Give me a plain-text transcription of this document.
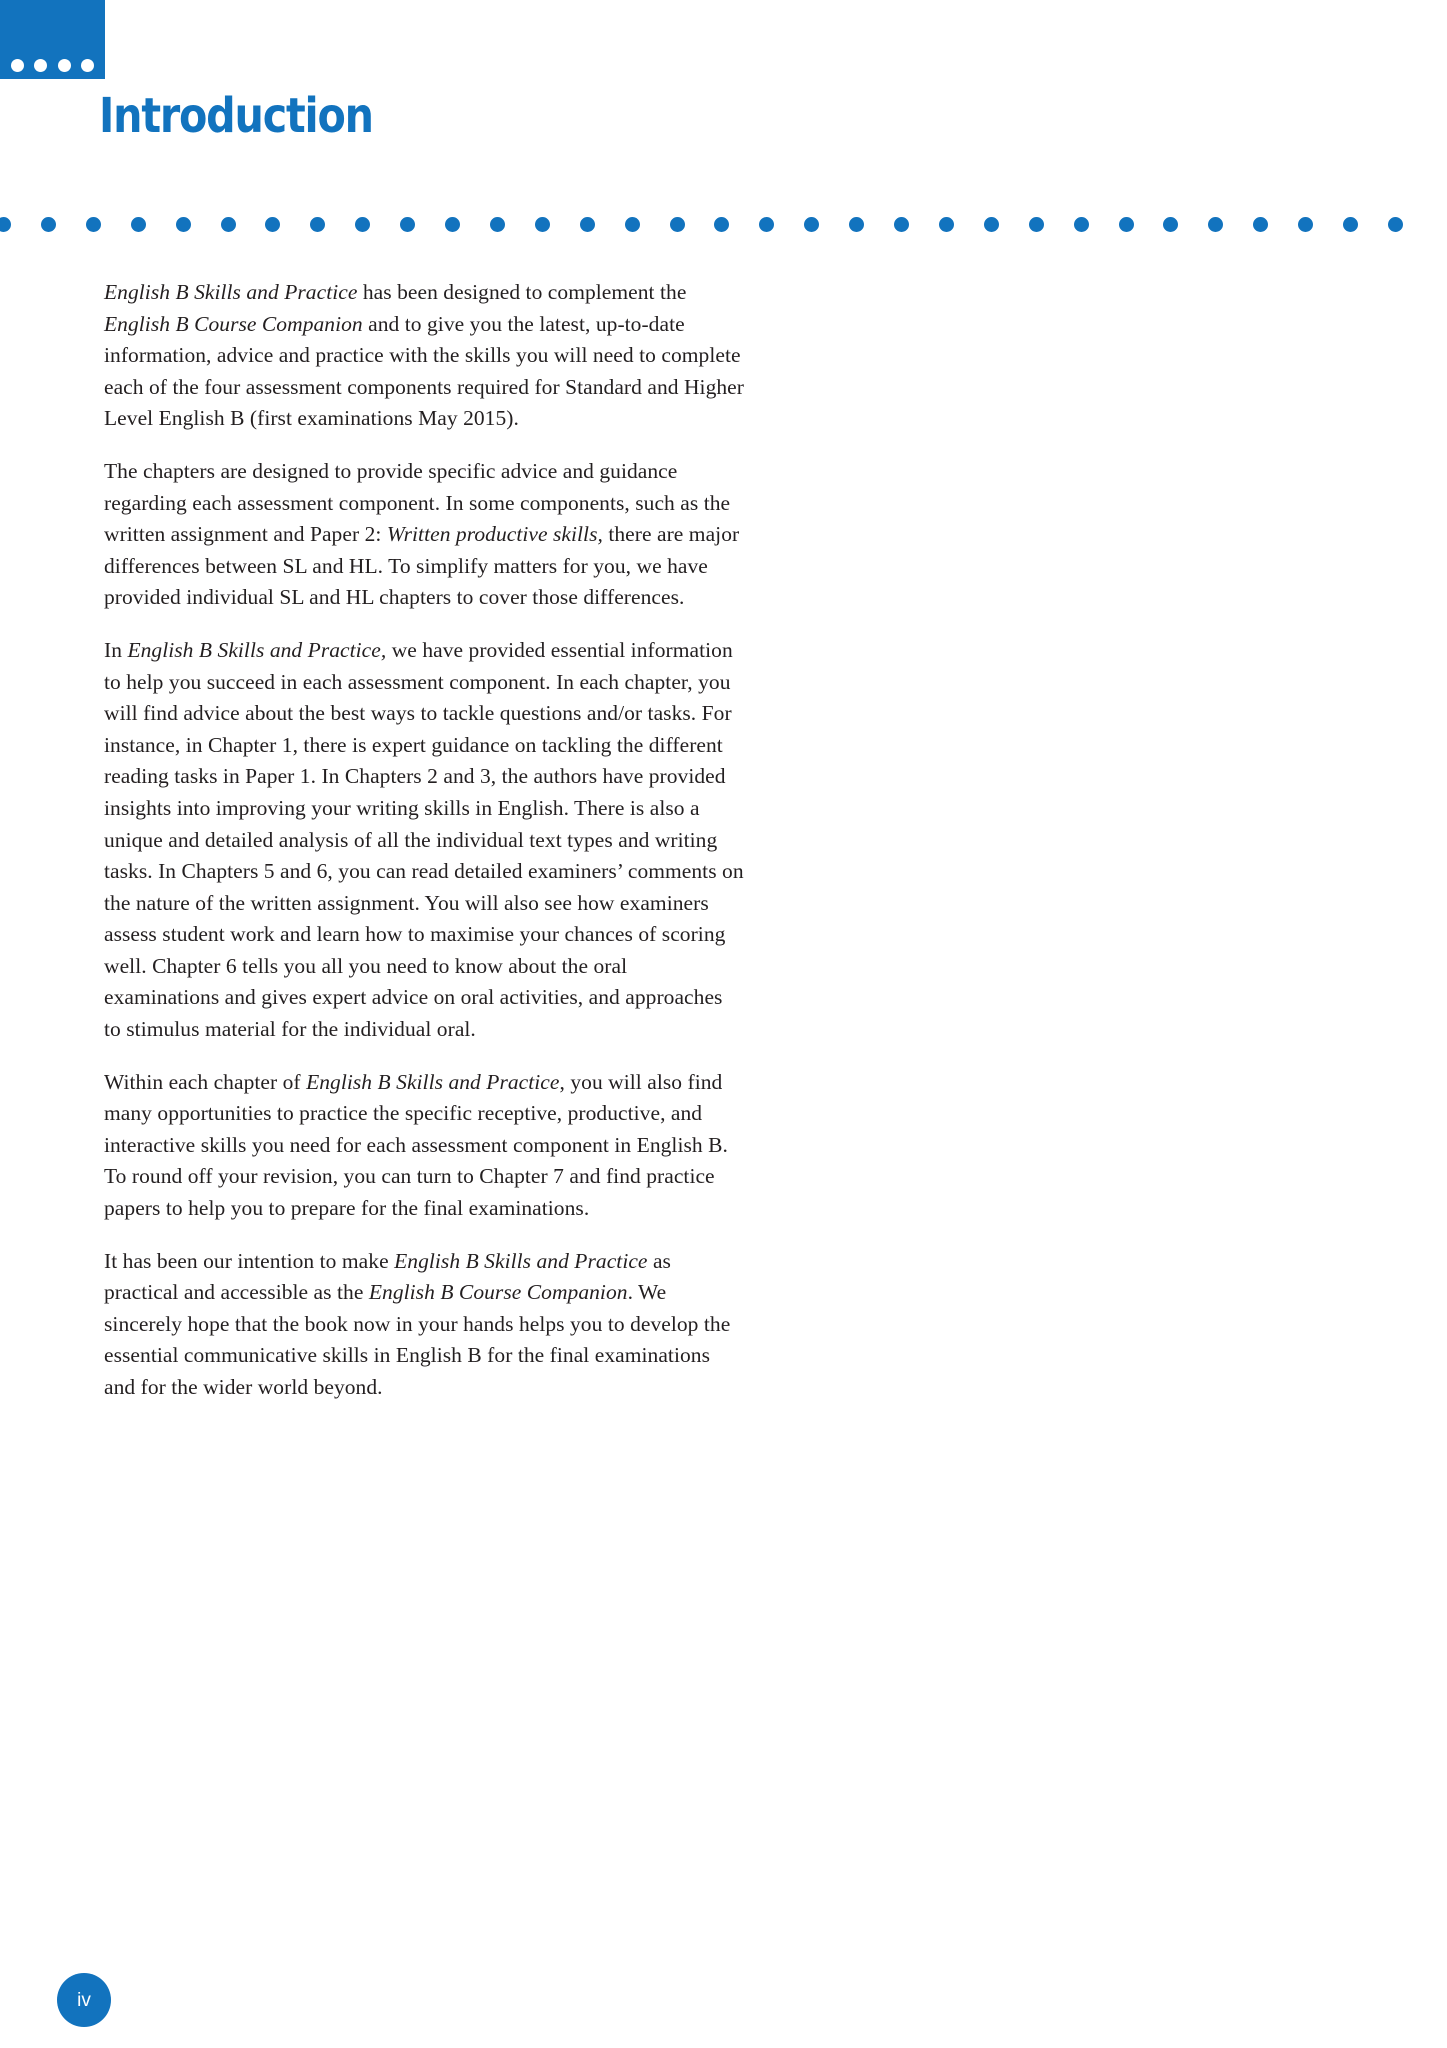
Introduction

English B Skills and Practice has been designed to complement the English B Course Companion and to give you the latest, up-to-date information, advice and practice with the skills you will need to complete each of the four assessment components required for Standard and Higher Level English B (first examinations May 2015).

The chapters are designed to provide specific advice and guidance regarding each assessment component. In some components, such as the written assignment and Paper 2: Written productive skills, there are major differences between SL and HL. To simplify matters for you, we have provided individual SL and HL chapters to cover those differences.

In English B Skills and Practice, we have provided essential information to help you succeed in each assessment component. In each chapter, you will find advice about the best ways to tackle questions and/or tasks. For instance, in Chapter 1, there is expert guidance on tackling the different reading tasks in Paper 1. In Chapters 2 and 3, the authors have provided insights into improving your writing skills in English. There is also a unique and detailed analysis of all the individual text types and writing tasks. In Chapters 5 and 6, you can read detailed examiners’ comments on the nature of the written assignment. You will also see how examiners assess student work and learn how to maximise your chances of scoring well. Chapter 6 tells you all you need to know about the oral examinations and gives expert advice on oral activities, and approaches to stimulus material for the individual oral.

Within each chapter of English B Skills and Practice, you will also find many opportunities to practice the specific receptive, productive, and interactive skills you need for each assessment component in English B. To round off your revision, you can turn to Chapter 7 and find practice papers to help you to prepare for the final examinations.

It has been our intention to make English B Skills and Practice as practical and accessible as the English B Course Companion. We sincerely hope that the book now in your hands helps you to develop the essential communicative skills in English B for the final examinations and for the wider world beyond.

iv
